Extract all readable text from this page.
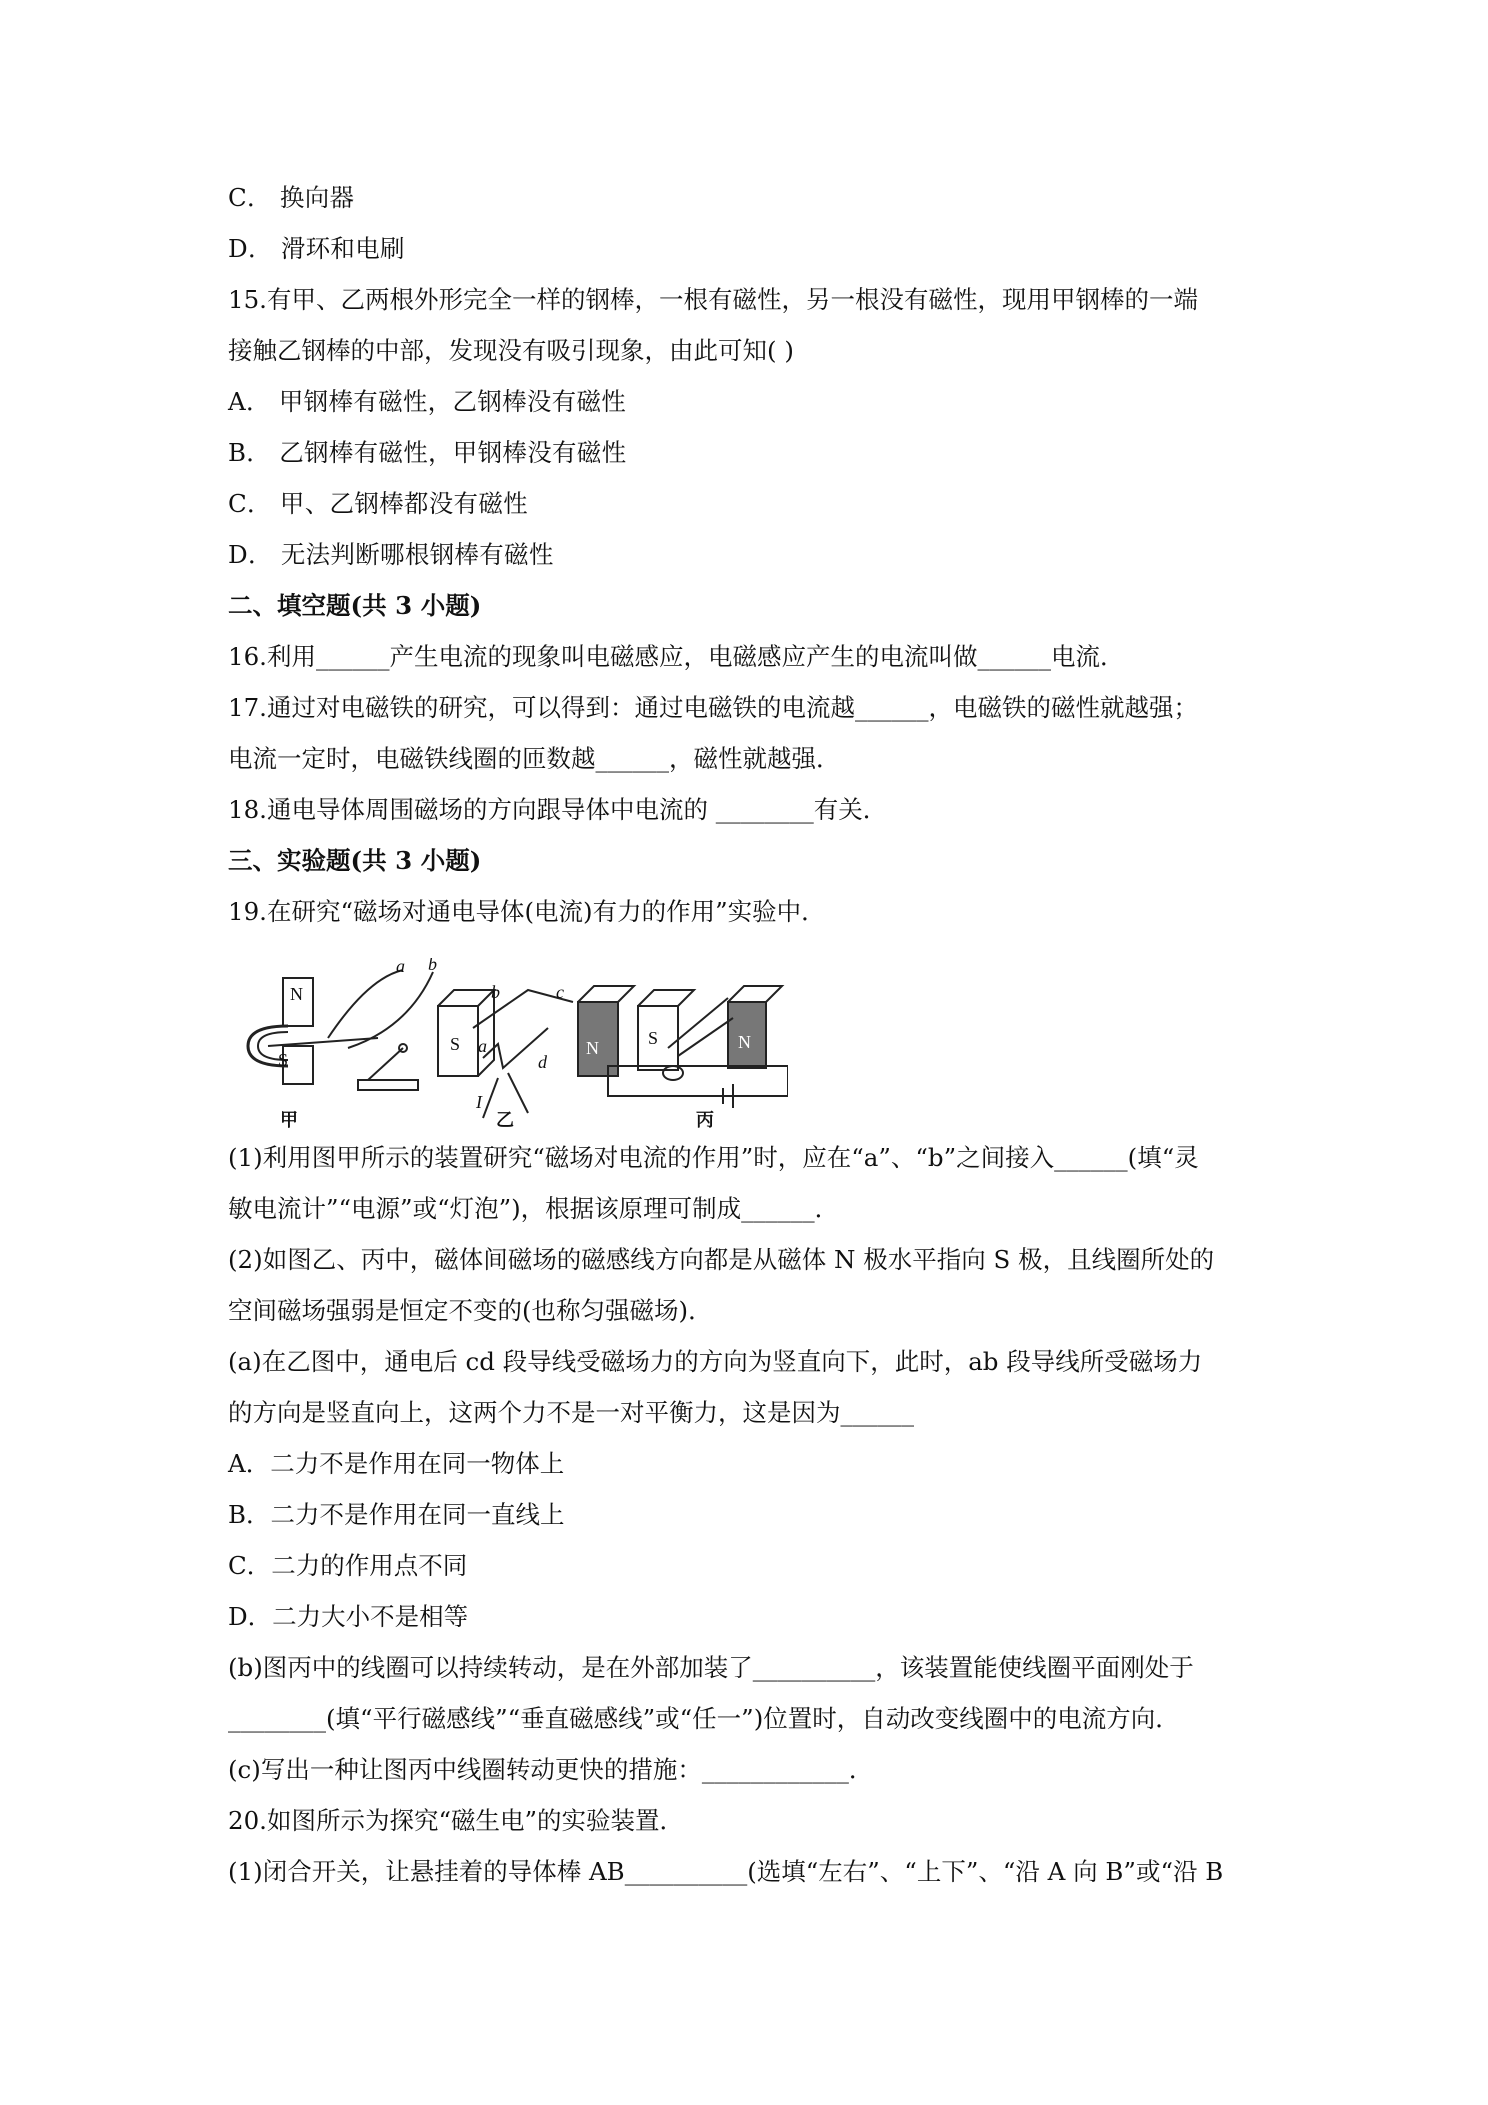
C． 换向器
D． 滑环和电刷
15.有甲、乙两根外形完全一样的钢棒，一根有磁性，另一根没有磁性，现用甲钢棒的一端
接触乙钢棒的中部，发现没有吸引现象，由此可知( )
A． 甲钢棒有磁性，乙钢棒没有磁性
B． 乙钢棒有磁性，甲钢棒没有磁性
C． 甲、乙钢棒都没有磁性
D． 无法判断哪根钢棒有磁性
二、填空题(共 3 小题)
16.利用______产生电流的现象叫电磁感应，电磁感应产生的电流叫做______电流．
17.通过对电磁铁的研究，可以得到：通过电磁铁的电流越______，电磁铁的磁性就越强；
电流一定时，电磁铁线圈的匝数越______，磁性就越强．
18.通电导体周围磁场的方向跟导体中电流的 ________有关．
三、实验题(共 3 小题)
19.在研究“磁场对通电导体(电流)有力的作用”实验中．
N
S
a b
S	N
a
b	c
d
I
S	N
甲	乙	丙
(1)利用图甲所示的装置研究“磁场对电流的作用”时，应在“a”、“b”之间接入______(填“灵
敏电流计”“电源”或“灯泡”)，根据该原理可制成______．
(2)如图乙、丙中，磁体间磁场的磁感线方向都是从磁体 N 极水平指向 S 极，且线圈所处的
空间磁场强弱是恒定不变的(也称匀强磁场)．
(a)在乙图中，通电后 cd 段导线受磁场力的方向为竖直向下，此时，ab 段导线所受磁场力
的方向是竖直向上，这两个力不是一对平衡力，这是因为______
A．二力不是作用在同一物体上
B．二力不是作用在同一直线上
C．二力的作用点不同
D．二力大小不是相等
(b)图丙中的线圈可以持续转动，是在外部加装了__________，该装置能使线圈平面刚处于
________(填“平行磁感线”“垂直磁感线”或“任一”)位置时，自动改变线圈中的电流方向．
(c)写出一种让图丙中线圈转动更快的措施：____________．
20.如图所示为探究“磁生电”的实验装置．
(1)闭合开关，让悬挂着的导体棒 AB__________(选填“左右”、“上下”、“沿 A 向 B”或“沿 B
